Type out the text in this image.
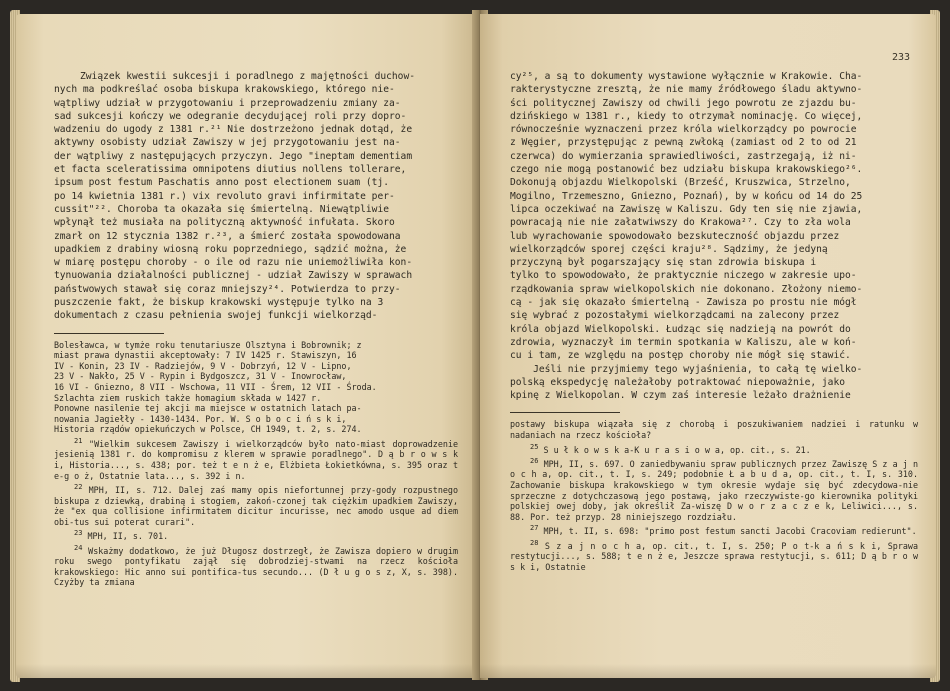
Związek kwestii sukcesji i poradlnego z majętności duchow-

nych ma podkreślać osoba biskupa krakowskiego, którego nie-

wątpliwy udział w przygotowaniu i przeprowadzeniu zmiany za-

sad sukcesji kończy we odegranie decydującej roli przy dopro-

wadzeniu do ugody z 1381 r.²¹ Nie dostrzeżono jednak dotąd, że

aktywny osobisty udział Zawiszy w jej przygotowaniu jest na-

der wątpliwy z następujących przyczyn. Jego "ineptam dementiam

et facta sceleratissima omnipotens diutius nollens tollerare,

ipsum post festum Paschatis anno post electionem suam (tj.

po 14 kwietnia 1381 r.) vix revoluto gravi infirmitate per-

cussit"²². Choroba ta okazała się śmiertelną. Niewątpliwie

wpłynął też musiała na polityczną aktywność infułata. Skoro

zmarł on 12 stycznia 1382 r.²³, a śmierć została spowodowana

upadkiem z drabiny wiosną roku poprzedniego, sądzić można, że

w miarę postępu choroby - o ile od razu nie uniemożliwiła kon-

tynuowania działalności publicznej - udział Zawiszy w sprawach

państwowych stawał się coraz mniejszy²⁴. Potwierdza to przy-

puszczenie fakt, że biskup krakowski występuje tylko na 3

dokumentach z czasu pełnienia swojej funkcji wielkorząd-

Bolesławca, w tymże roku tenutariusze Olsztyna i Bobrownik; z

miast prawa dynastii akceptowały: 7 IV 1425 r. Stawiszyn, 16

IV - Konin, 23 IV - Radziejów, 9 V - Dobrzyń, 12 V - Lipno,

23 V - Nakło, 25 V - Rypin i Bydgoszcz, 31 V - Inowrocław,

16 VI - Gniezno, 8 VII - Wschowa, 11 VII - Śrem, 12 VII - Środa.

Szlachta ziem ruskich także homagium składa w 1427 r.

Ponowne nasilenie tej akcji ma miejsce w ostatnich latach pa-

nowania Jagiełły - 1430-1434. Por. W. S o b o c i ń s k i,

Historia rządów opiekuńczych w Polsce, CH 1949, t. 2, s. 274.

$^{21}$ "Wielkim sukcesem Zawiszy i wielkorządców było nato-miast doprowadzenie jesienią 1381 r. do kompromisu z klerem w sprawie poradlnego". D ą b r o w s k i, Historia..., s. 438; por. też t e n ż e, Elżbieta Łokietkówna, s. 395 oraz t e-g o ż, Ostatnie lata..., s. 392 i n.

$^{22}$ MPH, II, s. 712. Dalej zaś mamy opis niefortunnej przy-gody rozpustnego biskupa z dziewką, drabiną i stogiem, zakoń-czonej tak ciężkim upadkiem Zawiszy, że "ex qua collisione infirmitatem dicitur incurisse, nec amodo usque ad diem obi-tus sui poterat curari".

$^{23}$ MPH, II, s. 701.

$^{24}$ Wskażmy dodatkowo, że już Długosz dostrzegł, że Zawisza dopiero w drugim roku swego pontyfikatu zajął się dobrodziej-stwami na rzecz kościoła krakowskiego: Hic anno sui pontifica-tus secundo... (D ł u g o s z, X, s. 398). Czyżby ta zmiana

233

cy²⁵, a są to dokumenty wystawione wyłącznie w Krakowie. Cha-

rakterystyczne zresztą, że nie mamy źródłowego śladu aktywno-

ści politycznej Zawiszy od chwili jego powrotu ze zjazdu bu-

dzińskiego w 1381 r., kiedy to otrzymał nominację. Co więcej,

równocześnie wyznaczeni przez króla wielkorządcy po powrocie

z Węgier, przystępując z pewną zwłoką (zamiast od 2 to od 21

czerwca) do wymierzania sprawiedliwości, zastrzegają, iż ni-

czego nie mogą postanowić bez udziału biskupa krakowskiego²⁶.

Dokonują objazdu Wielkopolski (Brześć, Kruszwica, Strzelno,

Mogilno, Trzemeszno, Gniezno, Poznań), by w końcu od 14 do 25

lipca oczekiwać na Zawiszę w Kaliszu. Gdy ten się nie zjawia,

powracają nie nie załatwiwszy do Krakowa²⁷. Czy to zła wola

lub wyrachowanie spowodowało bezskuteczność objazdu przez

wielkorządców sporej części kraju²⁸. Sądzimy, że jedyną

przyczyną był pogarszający się stan zdrowia biskupa i

tylko to spowodowało, że praktycznie niczego w zakresie upo-

rządkowania spraw wielkopolskich nie dokonano. Złożony niemo-

cą - jak się okazało śmiertelną - Zawisza po prostu nie mógł

się wybrać z pozostałymi wielkorządcami na zalecony przez

króla objazd Wielkopolski. Łudząc się nadzieją na powrót do

zdrowia, wyznaczył im termin spotkania w Kaliszu, ale w koń-

cu i tam, ze względu na postęp choroby nie mógł się stawić.

Jeśli nie przyjmiemy tego wyjaśnienia, to całą tę wielko-

polską ekspedycję należałoby potraktować niepoważnie, jako

kpinę z Wielkopolan. W czym zaś interesie leżało drażnienie

postawy biskupa wiązała się z chorobą i poszukiwaniem nadziei i ratunku w nadaniach na rzecz kościoła?

$^{25}$ S u ł k o w s k a-K u r a s i o w a, op. cit., s. 21.

$^{26}$ MPH, II, s. 697. O zaniedbywaniu spraw publicznych przez Zawiszę S z a j n o c h a, op. cit., t. I, s. 249; podobnie Ł a b u d a, op. cit., t. I, s. 310. Zachowanie biskupa krakowskiego w tym okresie wydaje się być zdecydowa-nie sprzeczne z dotychczasową jego postawą, jako rzeczywiste-go kierownika polityki polskiej owej doby, jak określił Za-wiszę D w o r z a c z e k, Leliwici..., s. 88. Por. też przyp. 28 niniejszego rozdziału.

$^{27}$ MPH, t. II, s. 698: "primo post festum sancti Jacobi Cracoviam redierunt".

$^{28}$ S z a j n o c h a, op. cit., t. I, s. 250; P o t-k a ń s k i, Sprawa restytucji..., s. 588; t e n ż e, Jeszcze sprawa restytucji, s. 611; D ą b r o w s k i, Ostatnie
